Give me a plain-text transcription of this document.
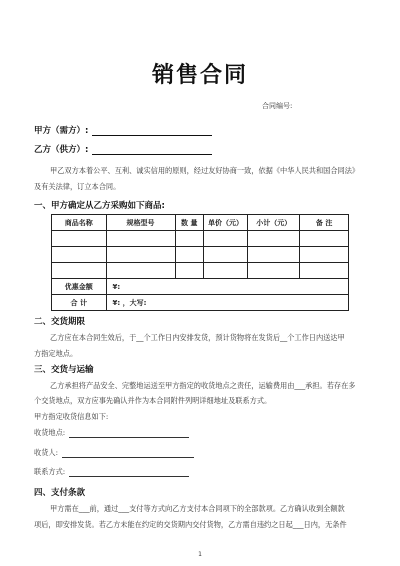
销售合同
合同编号:
甲方（需方）:
乙方（供方）:
甲乙双方本着公平、互利、诚实信用的原则，经过友好协商一致，依据《中华人民共和国合同法》
及有关法律，订立本合同。
一、甲方确定从乙方采购如下商品:
商品名称	规格型号	数 量	单价（元）	小计（元）	备 注

优惠金额	¥:				
合 计	¥: ，大写:				
二、交货期限
乙方应在本合同生效后，于__个工作日内安排发货，预计货物将在发货后__个工作日内送达甲
方指定地点。
三、交货与运输
乙方承担将产品安全、完整地运送至甲方指定的收货地点之责任，运输费用由___承担。若存在多
个交货地点，双方应事先确认并作为本合同附件列明详细地址及联系方式。
甲方指定收货信息如下:
收货地点:
收货人:
联系方式:
四、支付条款
甲方需在___前，通过___支付等方式向乙方支付本合同项下的全部款项。乙方确认收到全额款
项后，即安排发货。若乙方未能在约定的交货期内交付货物，乙方需自违约之日起___日内，无条件
1
